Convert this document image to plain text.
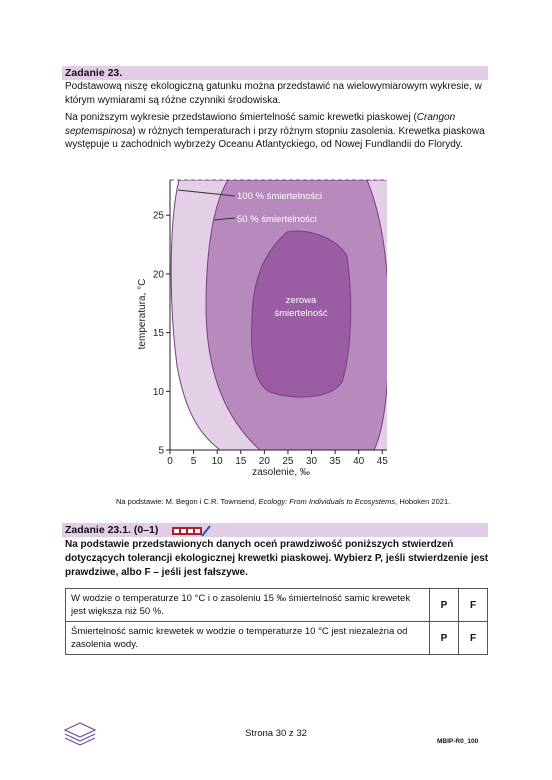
Zadanie 23.

Podstawową niszę ekologiczną gatunku można przedstawić na wielowymiarowym wykresie, w którym wymiarami są różne czynniki środowiska.

Na poniższym wykresie przedstawiono śmiertelność samic krewetki piaskowej (Crangon septemspinosa) w różnych temperaturach i przy różnym stopniu zasolenia. Krewetka piaskowa występuje u zachodnich wybrzeży Oceanu Atlantyckiego, od Nowej Fundlandii do Florydy.

5
10
15
20
25
0 5 10 15 20 25 30 35 40 45
zasolenie, ‰
temperatura, °C
100 % śmiertelności
50 % śmiertelności
zerowa śmiertelność
Na podstawie: M. Begon i C.R. Townsend, Ecology: From Individuals to Ecosystems, Hoboken 2021.
Zadanie 23.1. (0–1)

Na podstawie przedstawionych danych oceń prawdziwość poniższych stwierdzeń dotyczących tolerancji ekologicznej krewetki piaskowej. Wybierz P, jeśli stwierdzenie jest prawdziwe, albo F – jeśli jest fałszywe.

W wodzie o temperaturze 10 °C i o zasoleniu 15 ‰ śmiertelność samic krewetek jest większa niż 50 %.	P	F
Śmiertelność samic krewetek w wodzie o temperaturze 10 °C jest niezależna od zasolenia wody.	P	F
Strona 30 z 32
MBIP-R0_100
